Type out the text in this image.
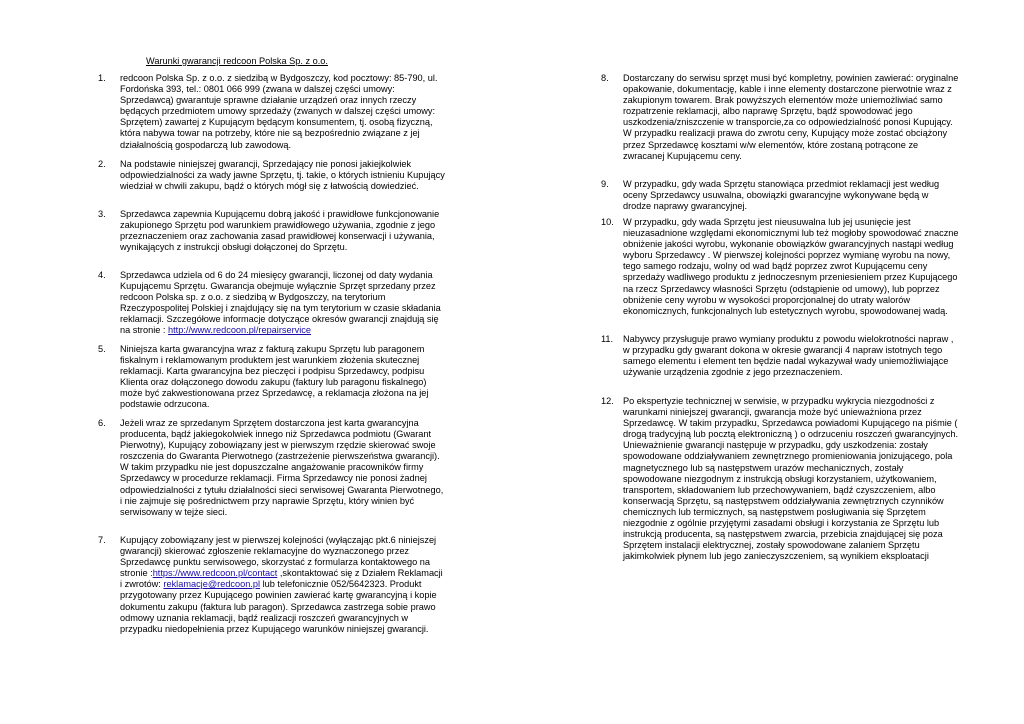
Warunki gwarancji redcoon Polska Sp. z o.o.
1.	redcoon Polska Sp. z o.o. z siedzibą w Bydgoszczy, kod pocztowy: 85-790, ul. Fordońska 393, tel.: 0801 066 999 (zwana w dalszej części umowy: Sprzedawcą) gwarantuje sprawne działanie urządzeń oraz innych rzeczy będących przedmiotem umowy sprzedaży (zwanych w dalszej części umowy: Sprzętem) zawartej z Kupującym będącym konsumentem, tj. osobą fizyczną, która nabywa towar na potrzeby, które nie są bezpośrednio związane z jej działalnością gospodarczą lub zawodową.
2.	Na podstawie niniejszej gwarancji, Sprzedający nie ponosi jakiejkolwiek odpowiedzialności za wady jawne Sprzętu, tj. takie, o których istnieniu Kupujący wiedział w chwili zakupu, bądź o których mógł się z łatwością dowiedzieć.
3.	Sprzedawca zapewnia Kupującemu dobrą jakość i prawidłowe funkcjonowanie zakupionego Sprzętu pod warunkiem prawidłowego używania, zgodnie z jego przeznaczeniem oraz zachowania zasad prawidłowej konserwacji i używania, wynikających z instrukcji obsługi dołączonej do Sprzętu.
4.	Sprzedawca udziela od 6 do 24 miesięcy gwarancji, liczonej od daty wydania Kupującemu Sprzętu. Gwarancja obejmuje wyłącznie Sprzęt sprzedany przez redcoon Polska sp. z o.o. z siedzibą w Bydgoszczy, na terytorium Rzeczypospolitej Polskiej i znajdujący się na tym terytorium w czasie składania reklamacji. Szczegółowe informacje dotyczące okresów gwarancji znajdują się na stronie : http://www.redcoon.pl/repairservice
5.	Niniejsza karta gwarancyjna wraz z fakturą zakupu Sprzętu lub paragonem fiskalnym i reklamowanym produktem jest warunkiem złożenia skutecznej reklamacji. Karta gwarancyjna bez pieczęci i podpisu Sprzedawcy, podpisu Klienta oraz dołączonego dowodu zakupu (faktury lub paragonu fiskalnego) może być zakwestionowana przez Sprzedawcę, a reklamacja złożona na jej podstawie odrzucona.
6.	Jeżeli wraz ze sprzedanym Sprzętem dostarczona jest karta gwarancyjna producenta, bądź jakiegokolwiek innego niż Sprzedawca podmiotu (Gwarant Pierwotny), Kupujący zobowiązany jest w pierwszym rzędzie skierować swoje roszczenia do Gwaranta Pierwotnego (zastrzeżenie pierwszeństwa gwarancji). W takim przypadku nie jest dopuszczalne angażowanie pracowników firmy Sprzedawcy w procedurze reklamacji. Firma Sprzedawcy nie ponosi żadnej odpowiedzialności z tytułu działalności sieci serwisowej Gwaranta Pierwotnego, i nie zajmuje się pośrednictwem przy naprawie Sprzętu, który winien być serwisowany w tejże sieci.
7.	Kupujący zobowiązany jest w pierwszej kolejności (wyłączając pkt.6 niniejszej gwarancji) skierować zgłoszenie reklamacyjne do wyznaczonego przez Sprzedawcę punktu serwisowego, skorzystać z formularza kontaktowego na stronie :https://www.redcoon.pl/contact ,skontaktować się z Działem Reklamacji i zwrotów: reklamacje@redcoon.pl lub telefonicznie 052/5642323. Produkt przygotowany przez Kupującego powinien zawierać kartę gwarancyjną i kopie dokumentu zakupu (faktura lub paragon). Sprzedawca zastrzega sobie prawo odmowy uznania reklamacji, bądź realizacji roszczeń gwarancyjnych w przypadku niedopełnienia przez Kupującego warunków niniejszej gwarancji.
8.	Dostarczany do serwisu sprzęt musi być kompletny, powinien zawierać: oryginalne opakowanie, dokumentację, kable i inne elementy dostarczone pierwotnie wraz z zakupionym towarem. Brak powyższych elementów może uniemożliwiać samo rozpatrzenie reklamacji, albo naprawę Sprzętu, bądź spowodować jego uszkodzenia/zniszczenie w transporcie,za co odpowiedzialność ponosi Kupujący. W przypadku realizacji prawa do zwrotu ceny, Kupujący może zostać obciążony przez Sprzedawcę kosztami w/w elementów, które zostaną potrącone ze zwracanej Kupującemu ceny.
9.	W przypadku, gdy wada Sprzętu stanowiąca przedmiot reklamacji jest według oceny Sprzedawcy usuwalna, obowiązki gwarancyjne wykonywane będą w drodze naprawy gwarancyjnej.
10.	W przypadku, gdy wada Sprzętu jest nieusuwalna lub jej usunięcie jest nieuzasadnione względami ekonomicznymi lub też mogłoby spowodować znaczne obniżenie jakości wyrobu, wykonanie obowiązków gwarancyjnych nastąpi według wyboru Sprzedawcy . W pierwszej kolejności poprzez wymianę wyrobu na nowy, tego samego rodzaju, wolny od wad bądź poprzez zwrot Kupującemu ceny sprzedaży wadliwego produktu z jednoczesnym przeniesieniem przez Kupującego na rzecz Sprzedawcy własności Sprzętu (odstąpienie od umowy), lub poprzez obniżenie ceny wyrobu w wysokości proporcjonalnej do utraty walorów ekonomicznych, funkcjonalnych lub estetycznych wyrobu, spowodowanej wadą.
11.	Nabywcy przysługuje prawo wymiany produktu z powodu wielokrotności napraw , w przypadku gdy gwarant dokona w okresie gwarancji 4 napraw istotnych tego samego elementu i element ten będzie nadal wykazywał wady uniemożliwiające używanie urządzenia zgodnie z jego przeznaczeniem.
12.	Po ekspertyzie technicznej w serwisie, w przypadku wykrycia niezgodności z warunkami niniejszej gwarancji, gwarancja może być unieważniona przez Sprzedawcę. W takim przypadku, Sprzedawca powiadomi Kupującego na piśmie ( drogą tradycyjną lub pocztą elektroniczną ) o odrzuceniu roszczeń gwarancyjnych. Unieważnienie gwarancji następuje w przypadku, gdy uszkodzenia: zostały spowodowane oddziaływaniem zewnętrznego promieniowania jonizującego, pola magnetycznego lub są następstwem urazów mechanicznych, zostały spowodowane niezgodnym z instrukcją obsługi korzystaniem, użytkowaniem, transportem, składowaniem lub przechowywaniem, bądź czyszczeniem, albo konserwacją Sprzętu, są następstwem oddziaływania zewnętrznych czynników chemicznych lub termicznych, są następstwem posługiwania się Sprzętem niezgodnie z ogólnie przyjętymi zasadami obsługi i korzystania ze Sprzętu lub instrukcją producenta, są następstwem zwarcia, przebicia znajdującej się poza Sprzętem instalacji elektrycznej, zostały spowodowane zalaniem Sprzętu jakimkolwiek płynem lub jego zanieczyszczeniem, są wynikiem eksploatacji
